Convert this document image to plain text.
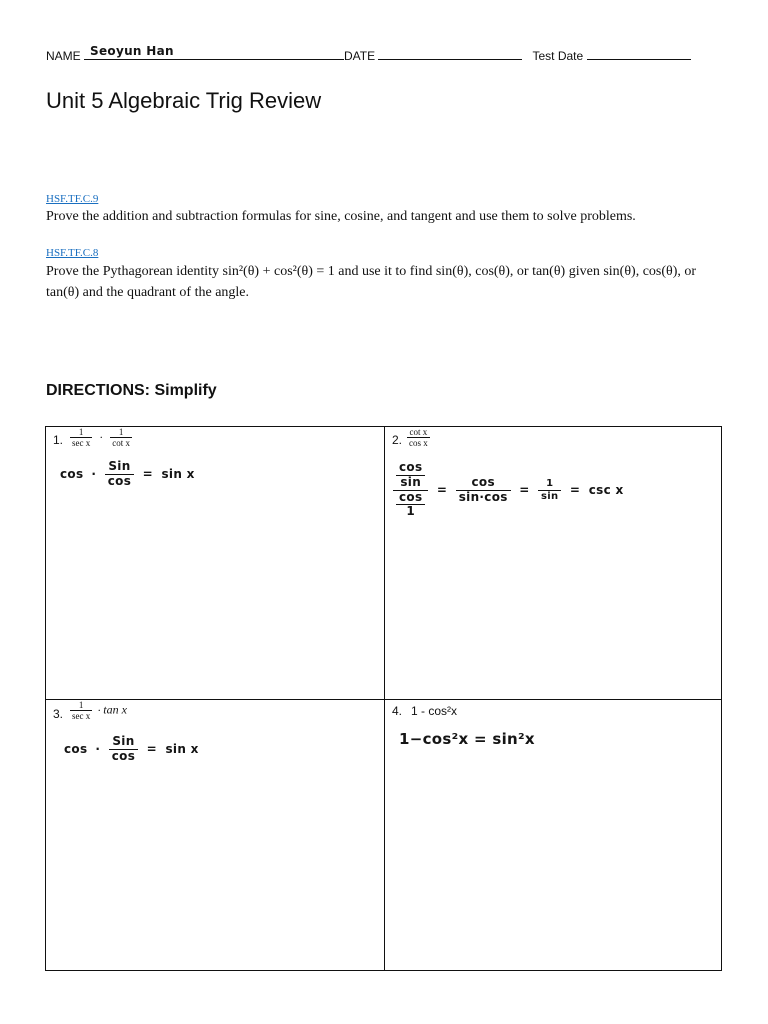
NAME Seoyun Han	DATE	Test Date
Unit 5 Algebraic Trig Review
HSF.TF.C.9
Prove the addition and subtraction formulas for sine, cosine, and tangent and use them to solve problems.
HSF.TF.C.8
Prove the Pythagorean identity sin²(θ) + cos²(θ) = 1 and use it to find sin(θ), cos(θ), or tan(θ) given sin(θ), cos(θ), or tan(θ) and the quadrant of the angle.
DIRECTIONS: Simplify
1. $\frac{1}{\text{sec x}} \cdot \frac{1}{\text{cot x}}$
$\cos \cdot \frac{\text{Sin}}{\cos} = \sin x$
2. $\frac{\text{cot x}}{\text{cos x}}$
$\frac{\frac{\cos}{\sin}}{\frac{\cos}{1}} = \frac{\cos}{\sin\cdot\cos} = \frac{1}{\sin} = \csc x$
3. $\frac{1}{\text{sec x}} \cdot \tan x$
$\cos \cdot \frac{\text{Sin}}{\cos} = \sin x$
4. 1 - cos²x
1−cos²x = sin²x
